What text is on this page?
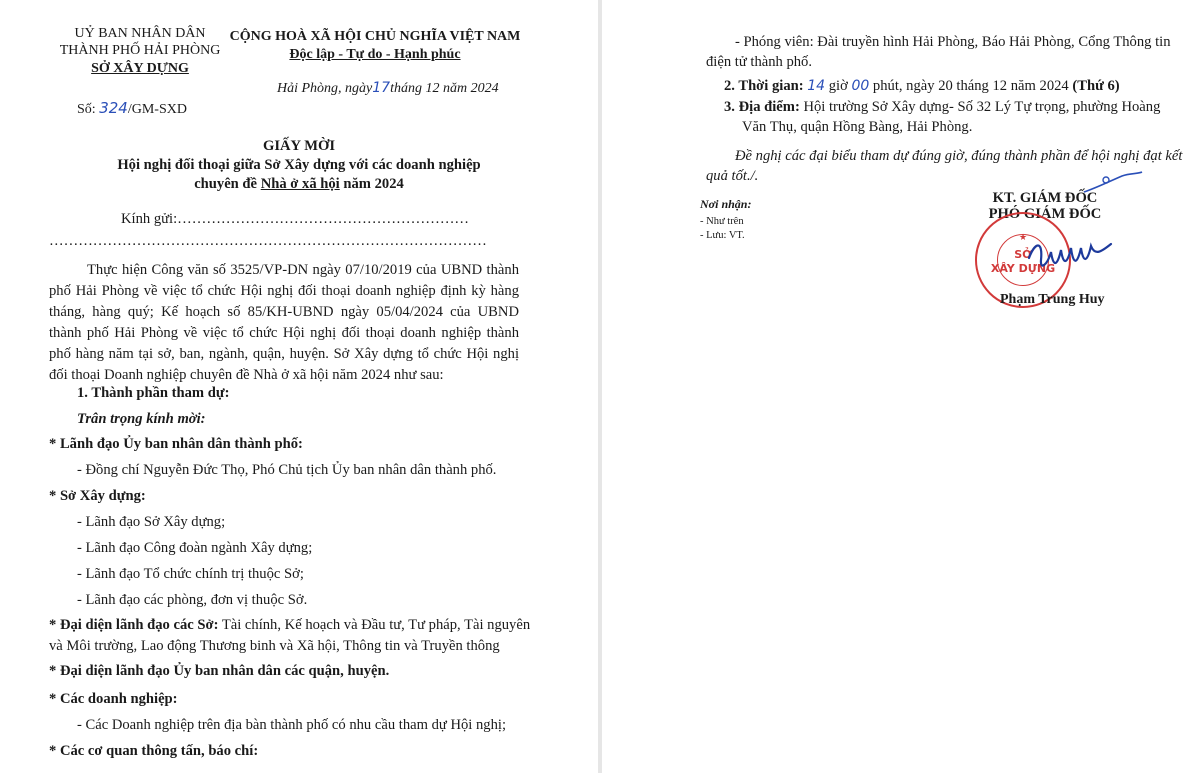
UỶ BAN NHÂN DÂN
THÀNH PHỐ HẢI PHÒNG
SỞ XÂY DỰNG
Số: 324/GM-SXD
CỘNG HOÀ XÃ HỘI CHỦ NGHĨA VIỆT NAM
Độc lập - Tự do - Hạnh phúc
Hải Phòng, ngày17tháng 12 năm 2024
GIẤY MỜI
Hội nghị đối thoại giữa Sở Xây dựng với các doanh nghiệp
chuyên đề Nhà ở xã hội năm 2024
Kính gửi:……………………………………………………
………………………………………………………………………………
Thực hiện Công văn số 3525/VP-DN ngày 07/10/2019 của UBND thành phố Hải Phòng về việc tổ chức Hội nghị đối thoại doanh nghiệp định kỳ hàng tháng, hàng quý; Kế hoạch số 85/KH-UBND ngày 05/04/2024 của UBND thành phố Hải Phòng về việc tổ chức Hội nghị đối thoại doanh nghiệp thành phố hàng năm tại sở, ban, ngành, quận, huyện. Sở Xây dựng tổ chức Hội nghị đối thoại Doanh nghiệp chuyên đề Nhà ở xã hội năm 2024 như sau:
1. Thành phần tham dự:
Trân trọng kính mời:
* Lãnh đạo Ủy ban nhân dân thành phố:
- Đồng chí Nguyễn Đức Thọ, Phó Chủ tịch Ủy ban nhân dân thành phố.
* Sở Xây dựng:
- Lãnh đạo Sở Xây dựng;
- Lãnh đạo Công đoàn ngành Xây dựng;
- Lãnh đạo Tổ chức chính trị thuộc Sở;
- Lãnh đạo các phòng, đơn vị thuộc Sở.
* Đại diện lãnh đạo các Sở: Tài chính, Kế hoạch và Đầu tư, Tư pháp, Tài nguyên
và Môi trường, Lao động Thương binh và Xã hội, Thông tin và Truyền thông
* Đại diện lãnh đạo Ủy ban nhân dân các quận, huyện.
* Các doanh nghiệp:
- Các Doanh nghiệp trên địa bàn thành phố có nhu cầu tham dự Hội nghị;
* Các cơ quan thông tấn, báo chí:
- Phóng viên: Đài truyền hình Hải Phòng, Báo Hải Phòng, Cổng Thông tin
điện tử thành phố.
2. Thời gian: 14 giờ 00 phút, ngày 20 tháng 12 năm 2024 (Thứ 6)
3. Địa điểm: Hội trường Sở Xây dựng- Số 32 Lý Tự trọng, phường Hoàng
Văn Thụ, quận Hồng Bàng, Hải Phòng.
Đề nghị các đại biểu tham dự đúng giờ, đúng thành phần để hội nghị đạt kết
quả tốt./.
Nơi nhận:
- Như trên
- Lưu: VT.
KT. GIÁM ĐỐC
PHÓ GIÁM ĐỐC
★
SỞ
XÂY DỰNG
Phạm Trung Huy
